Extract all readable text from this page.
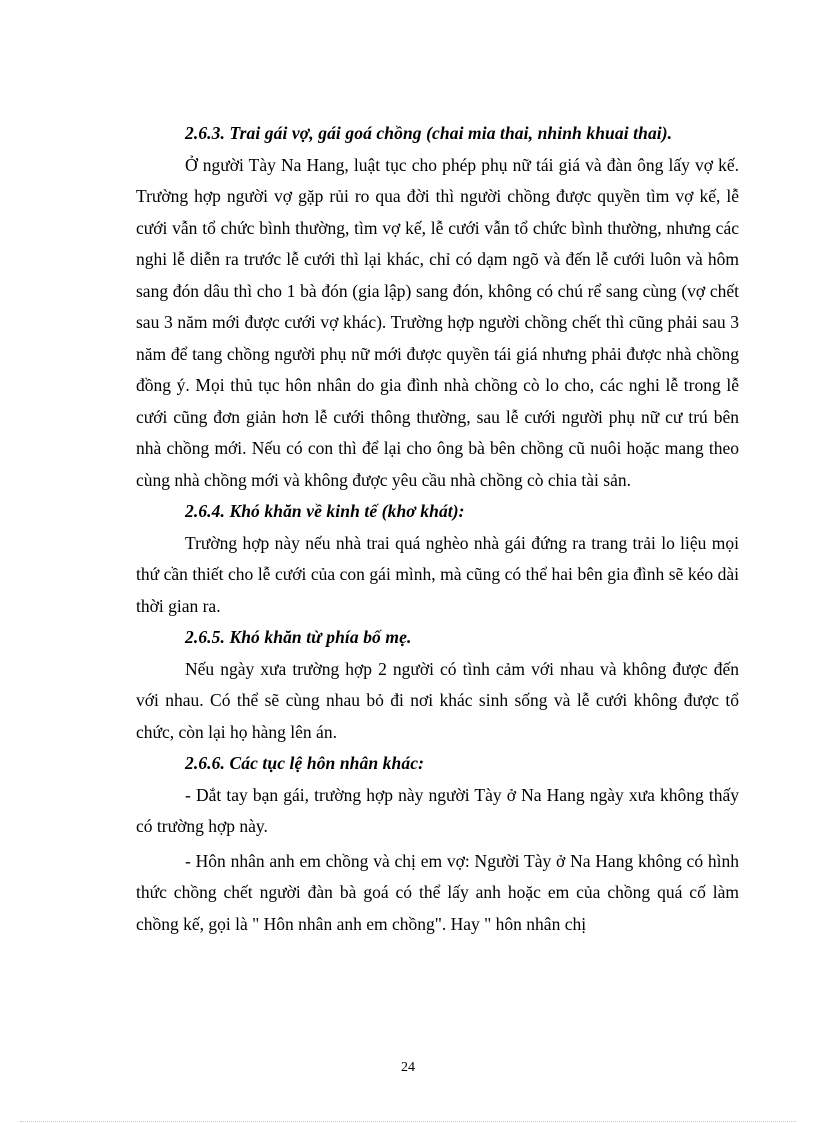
2.6.3. Trai gái vợ, gái goá chồng (chai mia thai, nhinh khuai thai).

Ở người Tày Na Hang, luật tục cho phép phụ nữ tái giá và đàn ông lấy vợ kế. Trường hợp người vợ gặp rủi ro qua đời thì người chồng được quyền tìm vợ kế, lễ cưới vẫn tổ chức bình thường, tìm vợ kế, lễ cưới vẫn tổ chức bình thường, nhưng các nghi lễ diễn ra trước lễ cưới thì lại khác, chỉ có dạm ngõ và đến lễ cưới luôn và hôm sang đón dâu thì cho 1 bà đón (gia lập) sang đón, không có chú rể sang cùng (vợ chết sau 3 năm mới được cưới vợ khác). Trường hợp người chồng chết thì cũng phải sau 3 năm để tang chồng người phụ nữ mới được quyền tái giá nhưng phải được nhà chồng đồng ý. Mọi thủ tục hôn nhân do gia đình nhà chồng cò lo cho, các nghi lễ trong lễ cưới cũng đơn giản hơn lễ cưới thông thường, sau lễ cưới người phụ nữ cư trú bên nhà chồng mới. Nếu có con thì để lại cho ông bà bên chồng cũ nuôi hoặc mang theo cùng nhà chồng mới và không được yêu cầu nhà chồng cò chia tài sản.

2.6.4. Khó khăn về kinh tế (khơ khát):

Trường hợp này nếu nhà trai quá nghèo nhà gái đứng ra trang trải lo liệu mọi thứ cần thiết cho lễ cưới của con gái mình, mà cũng có thể hai bên gia đình sẽ kéo dài thời gian ra.

2.6.5. Khó khăn từ phía bố mẹ.

Nếu ngày xưa trường hợp 2 người có tình cảm với nhau và không được đến với nhau. Có thể sẽ cùng nhau bỏ đi nơi khác sinh sống và lễ cưới không được tổ chức, còn lại họ hàng lên án.

2.6.6. Các tục lệ hôn nhân khác:

- Dắt tay bạn gái, trường hợp này người Tày ở Na Hang ngày xưa không thấy có trường hợp này.

- Hôn nhân anh em chồng và chị em vợ: Người Tày ở Na Hang không có hình thức chồng chết người đàn bà goá có thể lấy anh hoặc em của chồng quá cố làm chồng kế, gọi là " Hôn nhân anh em chồng". Hay " hôn nhân chị

24
